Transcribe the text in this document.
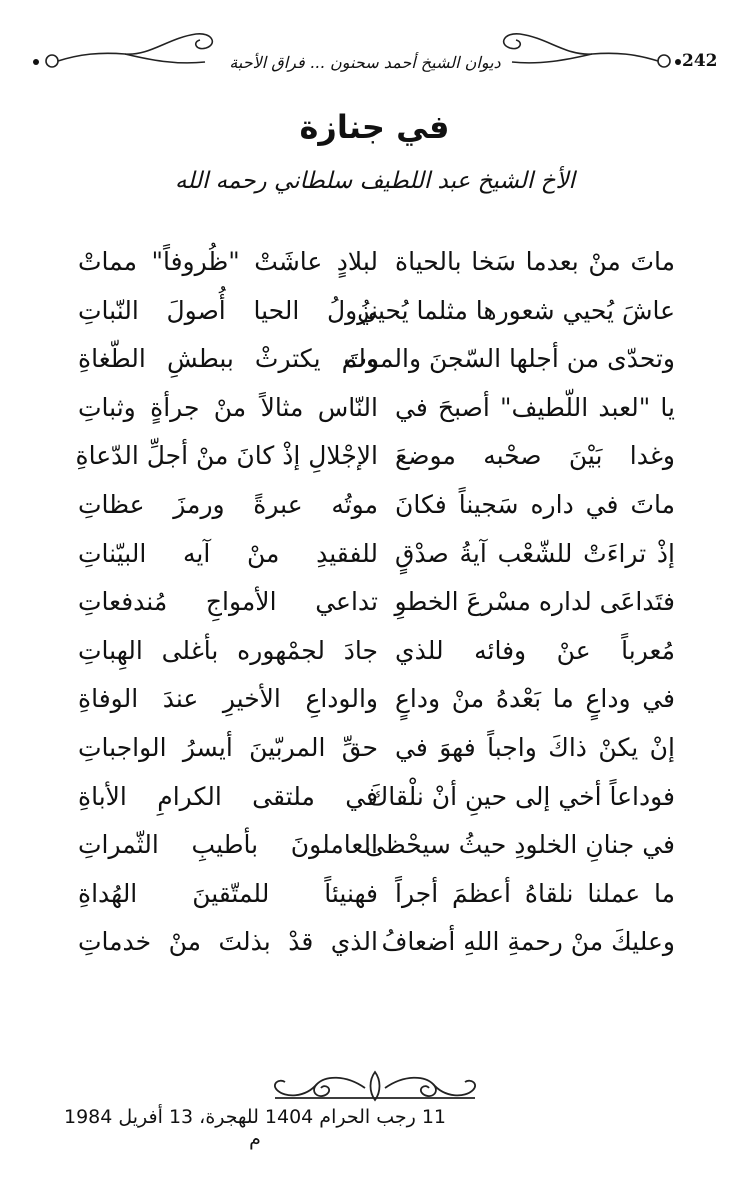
242
ديوان الشيخ أحمد سحنون ... فراق الأحبة
في جنازة
الأخ الشيخ عبد اللطيف سلطاني رحمه الله
ماتَ منْ بعدما سَخا بالحياة
لبلادٍ عاشَتْ "ظُروفاً" مماتْ
عاشَ يُحيي شعورها مثلما يُحيي
نزُولُ الحيا أُصولَ النّباتِ
وتحدّى من أجلها السّجنَ والموتَ
ولم يكترثْ ببطشِ الطّغاةِ
يا "لعبد اللّطيف" أصبحَ في
النّاس مثالاً منْ جرأةٍ وثباتِ
وغدا بَيْنَ صحْبه موضعَ
الإجْلالِ إذْ كانَ منْ أجلِّ الدّعاةِ
ماتَ في داره سَجيناً فكانَ
موتُه عبرةً ورمزَ عظاتِ
إذْ تراءَتْ للشّعْب آيةُ صدْقٍ
للفقيدِ منْ آيه البيّناتِ
فتَداعَى لداره مسْرعَ الخطوِ
تداعي الأمواجِ مُندفعاتِ
مُعرباً عنْ وفائه للذي
جادَ لجمْهوره بأغلى الهِباتِ
في وداعٍ ما بَعْدهُ منْ وداعٍ
والوداعِ الأخيرِ عندَ الوفاةِ
إنْ يكنْ ذاكَ واجباً فهوَ في
حقِّ المربّينَ أيسرُ الواجباتِ
فوداعاً أخي إلى حينِ أنْ نلْقاكَ
في ملتقى الكرامِ الأباةِ
في جنانِ الخلودِ حيثُ سيحْظى
العاملونَ بأطيبِ الثّمراتِ
ما عملنا نلقاهُ أعظمَ أجراً
فهنيئاً للمتّقينَ الهُداةِ
وعليكَ منْ رحمةِ اللهِ أضعافُ
الذي قدْ بذلتَ منْ خدماتِ
11 رجب الحرام 1404 للهجرة، 13 أفريل 1984 م
